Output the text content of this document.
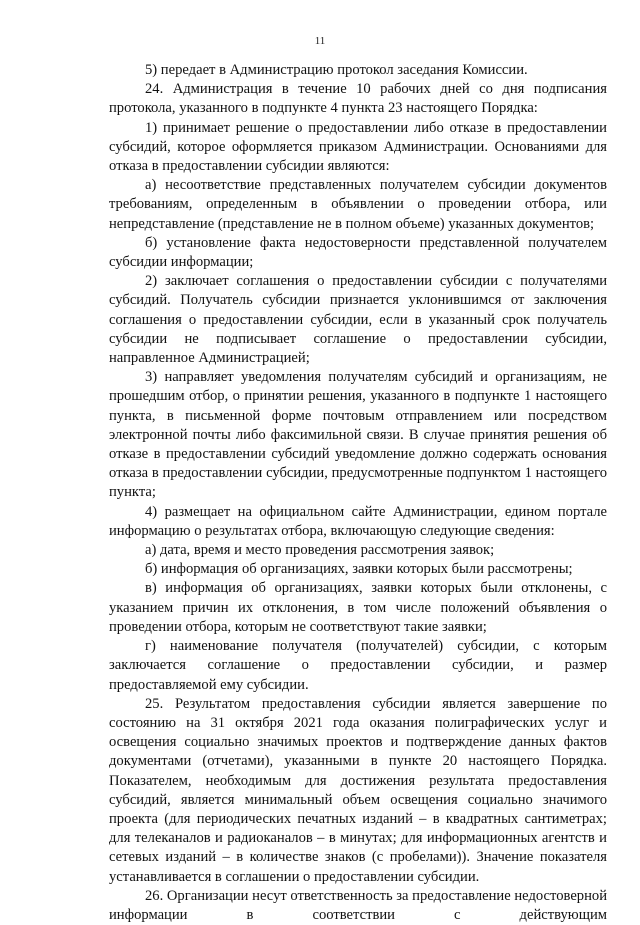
11

5) передает в Администрацию протокол заседания Комиссии.

24. Администрация в течение 10 рабочих дней со дня подписания протокола, указанного в подпункте 4 пункта 23 настоящего Порядка:

1) принимает решение о предоставлении либо отказе в предоставлении субсидий, которое оформляется приказом Администрации. Основаниями для отказа в предоставлении субсидии являются:

а) несоответствие представленных получателем субсидии документов требованиям, определенным в объявлении о проведении отбора, или непредставление (представление не в полном объеме) указанных документов;

б) установление факта недостоверности представленной получателем субсидии информации;

2) заключает соглашения о предоставлении субсидии с получателями субсидий. Получатель субсидии признается уклонившимся от заключения соглашения о предоставлении субсидии, если в указанный срок получатель субсидии не подписывает соглашение о предоставлении субсидии, направленное Администрацией;

3) направляет уведомления получателям субсидий и организациям, не прошедшим отбор, о принятии решения, указанного в подпункте 1 настоящего пункта, в письменной форме почтовым отправлением или посредством электронной почты либо факсимильной связи. В случае принятия решения об отказе в предоставлении субсидий уведомление должно содержать основания отказа в предоставлении субсидии, предусмотренные подпунктом 1 настоящего пункта;

4) размещает на официальном сайте Администрации, едином портале информацию о результатах отбора, включающую следующие сведения:

а) дата, время и место проведения рассмотрения заявок;

б) информация об организациях, заявки которых были рассмотрены;

в) информация об организациях, заявки которых были отклонены, с указанием причин их отклонения, в том числе положений объявления о проведении отбора, которым не соответствуют такие заявки;

г) наименование получателя (получателей) субсидии, с которым заключается соглашение о предоставлении субсидии, и размер предоставляемой ему субсидии.

25. Результатом предоставления субсидии является завершение по состоянию на 31 октября 2021 года оказания полиграфических услуг и освещения социально значимых проектов и подтверждение данных фактов документами (отчетами), указанными в пункте 20 настоящего Порядка. Показателем, необходимым для достижения результата предоставления субсидий, является минимальный объем освещения социально значимого проекта (для периодических печатных изданий – в квадратных сантиметрах; для телеканалов и радиоканалов – в минутах; для информационных агентств и сетевых изданий – в количестве знаков (с пробелами)). Значение показателя устанавливается в соглашении о предоставлении субсидии.

26. Организации несут ответственность за предоставление недостоверной информации в соответствии с действующим
